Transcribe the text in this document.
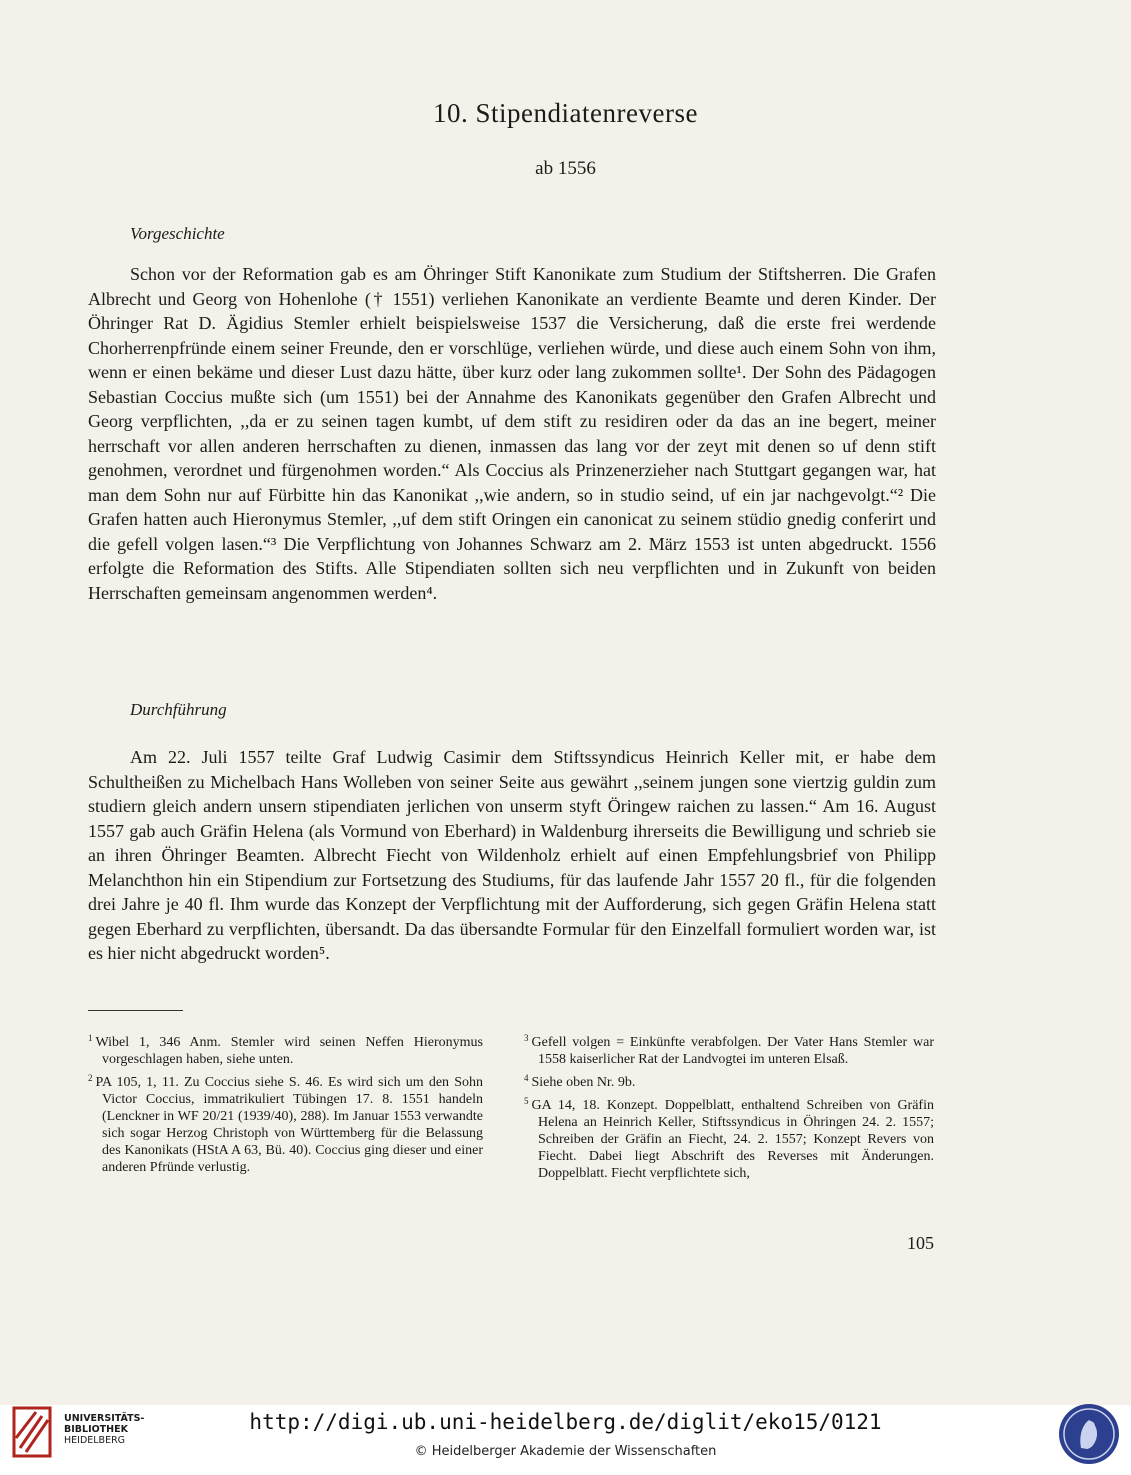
10. Stipendiatenreverse
ab 1556
Vorgeschichte

Schon vor der Reformation gab es am Öhringer Stift Kanonikate zum Studium der Stiftsherren. Die Grafen Albrecht und Georg von Hohenlohe († 1551) verliehen Kanonikate an verdiente Beamte und deren Kinder. Der Öhringer Rat D. Ägidius Stemler erhielt beispielsweise 1537 die Versicherung, daß die erste frei werdende Chorherrenpfründe einem seiner Freunde, den er vorschlüge, verliehen würde, und diese auch einem Sohn von ihm, wenn er einen bekäme und dieser Lust dazu hätte, über kurz oder lang zukommen sollte¹. Der Sohn des Pädagogen Sebastian Coccius mußte sich (um 1551) bei der Annahme des Kanonikats gegenüber den Grafen Albrecht und Georg verpflichten, ,,da er zu seinen tagen kumbt, uf dem stift zu residiren oder da das an ine begert, meiner herrschaft vor allen anderen herrschaften zu dienen, inmassen das lang vor der zeyt mit denen so uf denn stift genohmen, verordnet und fürgenohmen worden.“ Als Coccius als Prinzenerzieher nach Stuttgart gegangen war, hat man dem Sohn nur auf Fürbitte hin das Kanonikat ,,wie andern, so in studio seind, uf ein jar nachgevolgt.“² Die Grafen hatten auch Hieronymus Stemler, ,,uf dem stift Oringen ein canonicat zu seinem stüdio gnedig conferirt und die gefell volgen lasen.“³ Die Verpflichtung von Johannes Schwarz am 2. März 1553 ist unten abgedruckt. 1556 erfolgte die Reformation des Stifts. Alle Stipendiaten sollten sich neu verpflichten und in Zukunft von beiden Herrschaften gemeinsam angenommen werden⁴.

Durchführung

Am 22. Juli 1557 teilte Graf Ludwig Casimir dem Stiftssyndicus Heinrich Keller mit, er habe dem Schultheißen zu Michelbach Hans Wolleben von seiner Seite aus gewährt ,,seinem jungen sone viertzig guldin zum studiern gleich andern unsern stipendiaten jerlichen von unserm styft Öringew raichen zu lassen.“ Am 16. August 1557 gab auch Gräfin Helena (als Vormund von Eberhard) in Waldenburg ihrerseits die Bewilligung und schrieb sie an ihren Öhringer Beamten. Albrecht Fiecht von Wildenholz erhielt auf einen Empfehlungsbrief von Philipp Melanchthon hin ein Stipendium zur Fortsetzung des Studiums, für das laufende Jahr 1557 20 fl., für die folgenden drei Jahre je 40 fl. Ihm wurde das Konzept der Verpflichtung mit der Aufforderung, sich gegen Gräfin Helena statt gegen Eberhard zu verpflichten, übersandt. Da das übersandte Formular für den Einzelfall formuliert worden war, ist es hier nicht abgedruckt worden⁵.

$^1$ Wibel 1, 346 Anm. Stemler wird seinen Neffen Hieronymus vorgeschlagen haben, siehe unten.

$^2$ PA 105, 1, 11. Zu Coccius siehe S. 46. Es wird sich um den Sohn Victor Coccius, immatrikuliert Tübingen 17. 8. 1551 handeln (Lenckner in WF 20/21 (1939/40), 288). Im Januar 1553 verwandte sich sogar Herzog Christoph von Württemberg für die Belassung des Kanonikats (HStA A 63, Bü. 40). Coccius ging dieser und einer anderen Pfründe verlustig.

$^3$ Gefell volgen = Einkünfte verabfolgen. Der Vater Hans Stemler war 1558 kaiserlicher Rat der Landvogtei im unteren Elsaß.

$^4$ Siehe oben Nr. 9b.

$^5$ GA 14, 18. Konzept. Doppelblatt, enthaltend Schreiben von Gräfin Helena an Heinrich Keller, Stiftssyndicus in Öhringen 24. 2. 1557; Schreiben der Gräfin an Fiecht, 24. 2. 1557; Konzept Revers von Fiecht. Dabei liegt Abschrift des Reverses mit Änderungen. Doppelblatt. Fiecht verpflichtete sich,

105
UNIVERSITÄTS-
BIBLIOTHEK
HEIDELBERG
http://digi.ub.uni-heidelberg.de/diglit/eko15/0121
© Heidelberger Akademie der Wissenschaften
